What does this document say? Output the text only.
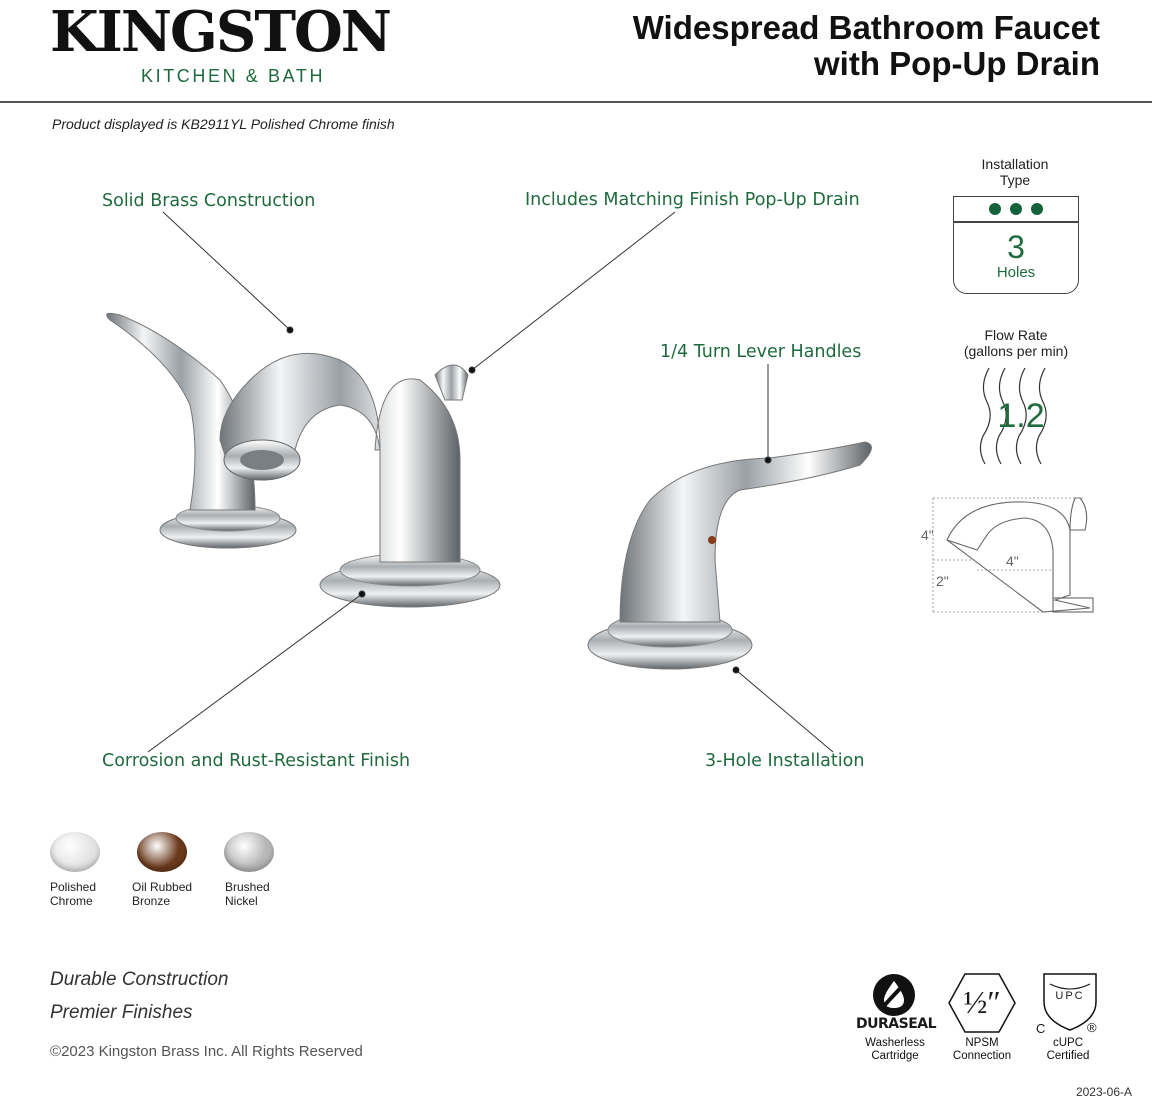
KINGSTON
KITCHEN & BATH
Widespread Bathroom Faucet
with Pop-Up Drain
Product displayed is KB2911YL Polished Chrome finish
Solid Brass Construction	Includes Matching Finish Pop-Up Drain
1/4 Turn Lever Handles
Corrosion and Rust-Resistant Finish	3-Hole Installation
Installation
Type
3
Holes
Flow Rate
(gallons per min)
1.2
4"
4"
2"
Polished
Chrome
Oil Rubbed
Bronze
Brushed
Nickel
Durable Construction
Premier Finishes
©2023 Kingston Brass Inc. All Rights Reserved
DURASEAL
Washerless
Cartridge
½″
NPSM
Connection
UPC
C	®
cUPC
Certified
2023-06-A
